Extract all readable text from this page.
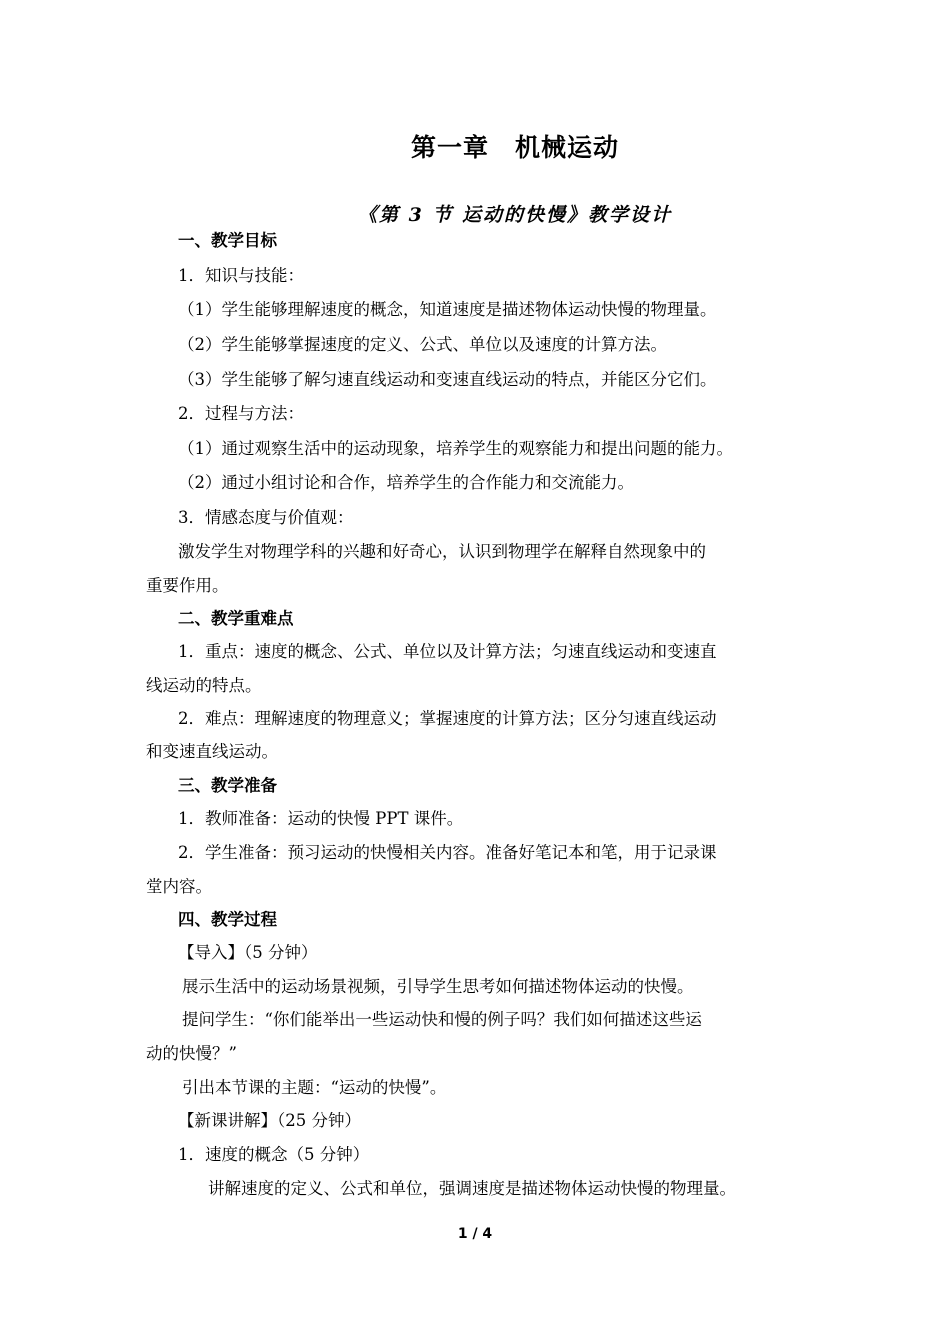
第一章　机械运动
《第 3 节 运动的快慢》教学设计
一、教学目标
1．知识与技能：
（1）学生能够理解速度的概念，知道速度是描述物体运动快慢的物理量。
（2）学生能够掌握速度的定义、公式、单位以及速度的计算方法。
（3）学生能够了解匀速直线运动和变速直线运动的特点，并能区分它们。
2．过程与方法：
（1）通过观察生活中的运动现象，培养学生的观察能力和提出问题的能力。
（2）通过小组讨论和合作，培养学生的合作能力和交流能力。
3．情感态度与价值观：
激发学生对物理学科的兴趣和好奇心，认识到物理学在解释自然现象中的
重要作用。
二、教学重难点
1．重点：速度的概念、公式、单位以及计算方法；匀速直线运动和变速直
线运动的特点。
2．难点：理解速度的物理意义；掌握速度的计算方法；区分匀速直线运动
和变速直线运动。
三、教学准备
1．教师准备：运动的快慢 PPT 课件。
2．学生准备：预习运动的快慢相关内容。准备好笔记本和笔，用于记录课
堂内容。
四、教学过程
【导入】（5 分钟）
展示生活中的运动场景视频，引导学生思考如何描述物体运动的快慢。
提问学生：“你们能举出一些运动快和慢的例子吗？我们如何描述这些运
动的快慢？”
引出本节课的主题：“运动的快慢”。
【新课讲解】（25 分钟）
1．速度的概念（5 分钟）
讲解速度的定义、公式和单位，强调速度是描述物体运动快慢的物理量。
1 / 4
